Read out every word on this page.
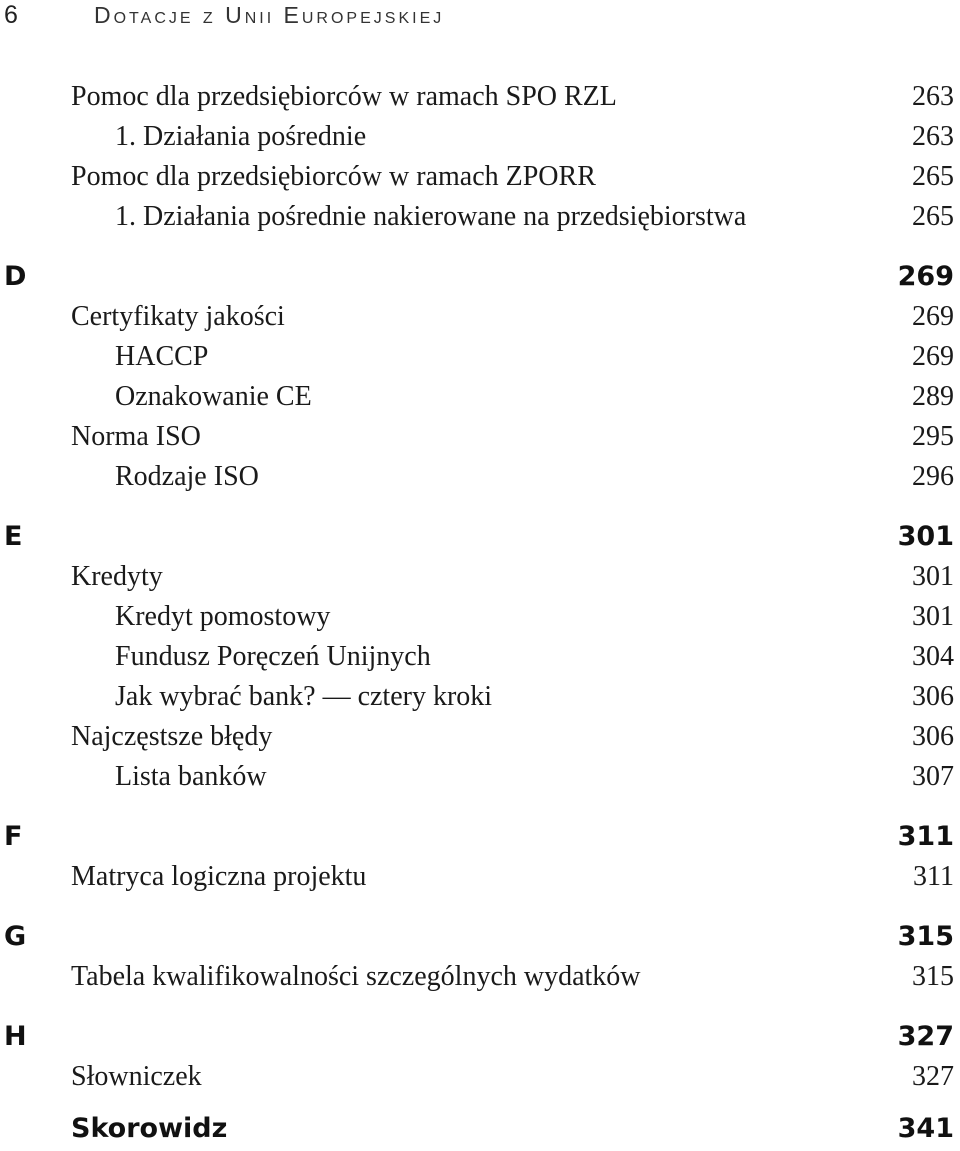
6	Dotacje z Unii Europejskiej
Pomoc dla przedsiębiorców w ramach SPO RZL	263
1. Działania pośrednie	263
Pomoc dla przedsiębiorców w ramach ZPORR	265
1. Działania pośrednie nakierowane na przedsiębiorstwa	265
D	269
Certyfikaty jakości	269
HACCP	269
Oznakowanie CE	289
Norma ISO	295
Rodzaje ISO	296
E	301
Kredyty	301
Kredyt pomostowy	301
Fundusz Poręczeń Unijnych	304
Jak wybrać bank? — cztery kroki	306
Najczęstsze błędy	306
Lista banków	307
F	311
Matryca logiczna projektu	311
G	315
Tabela kwalifikowalności szczególnych wydatków	315
H	327
Słowniczek	327
Skorowidz	341
